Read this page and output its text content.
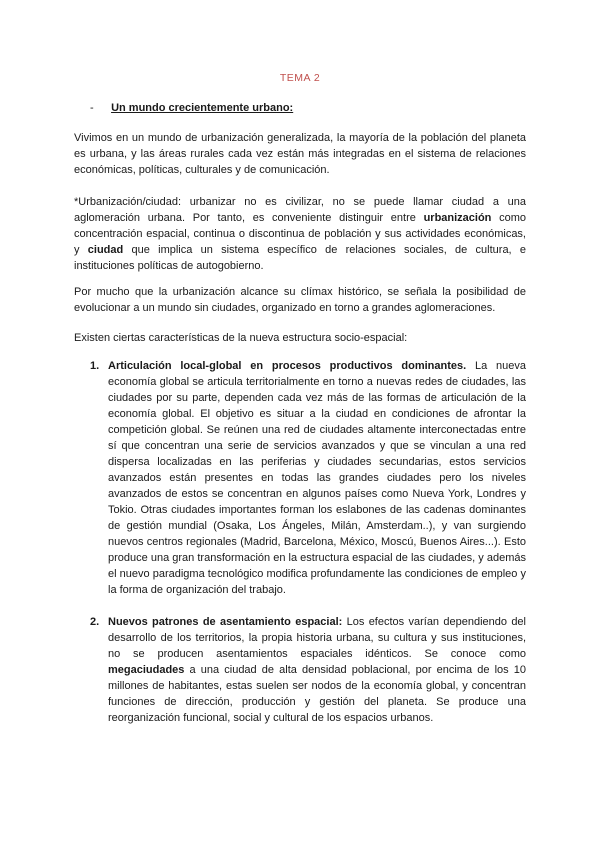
TEMA 2
- Un mundo crecientemente urbano:

Vivimos en un mundo de urbanización generalizada, la mayoría de la población del planeta es urbana, y las áreas rurales cada vez están más integradas en el sistema de relaciones económicas, políticas, culturales y de comunicación.

*Urbanización/ciudad: urbanizar no es civilizar, no se puede llamar ciudad a una aglomeración urbana. Por tanto, es conveniente distinguir entre urbanización como concentración espacial, continua o discontinua de población y sus actividades económicas, y ciudad que implica un sistema específico de relaciones sociales, de cultura, e instituciones políticas de autogobierno.

Por mucho que la urbanización alcance su clímax histórico, se señala la posibilidad de evolucionar a un mundo sin ciudades, organizado en torno a grandes aglomeraciones.

Existen ciertas características de la nueva estructura socio-espacial:

1. Articulación local-global en procesos productivos dominantes. La nueva economía global se articula territorialmente en torno a nuevas redes de ciudades, las ciudades por su parte, dependen cada vez más de las formas de articulación de la economía global. El objetivo es situar a la ciudad en condiciones de afrontar la competición global. Se reúnen una red de ciudades altamente interconectadas entre sí que concentran una serie de servicios avanzados y que se vinculan a una red dispersa localizadas en las periferias y ciudades secundarias, estos servicios avanzados están presentes en todas las grandes ciudades pero los niveles avanzados de estos se concentran en algunos países como Nueva York, Londres y Tokio. Otras ciudades importantes forman los eslabones de las cadenas dominantes de gestión mundial (Osaka, Los Ángeles, Milán, Amsterdam..), y van surgiendo nuevos centros regionales (Madrid, Barcelona, México, Moscú, Buenos Aires...). Esto produce una gran transformación en la estructura espacial de las ciudades, y además el nuevo paradigma tecnológico modifica profundamente las condiciones de empleo y la forma de organización del trabajo.
2. Nuevos patrones de asentamiento espacial: Los efectos varían dependiendo del desarrollo de los territorios, la propia historia urbana, su cultura y sus instituciones, no se producen asentamientos espaciales idénticos. Se conoce como megaciudades a una ciudad de alta densidad poblacional, por encima de los 10 millones de habitantes, estas suelen ser nodos de la economía global, y concentran funciones de dirección, producción y gestión del planeta. Se produce una reorganización funcional, social y cultural de los espacios urbanos.
